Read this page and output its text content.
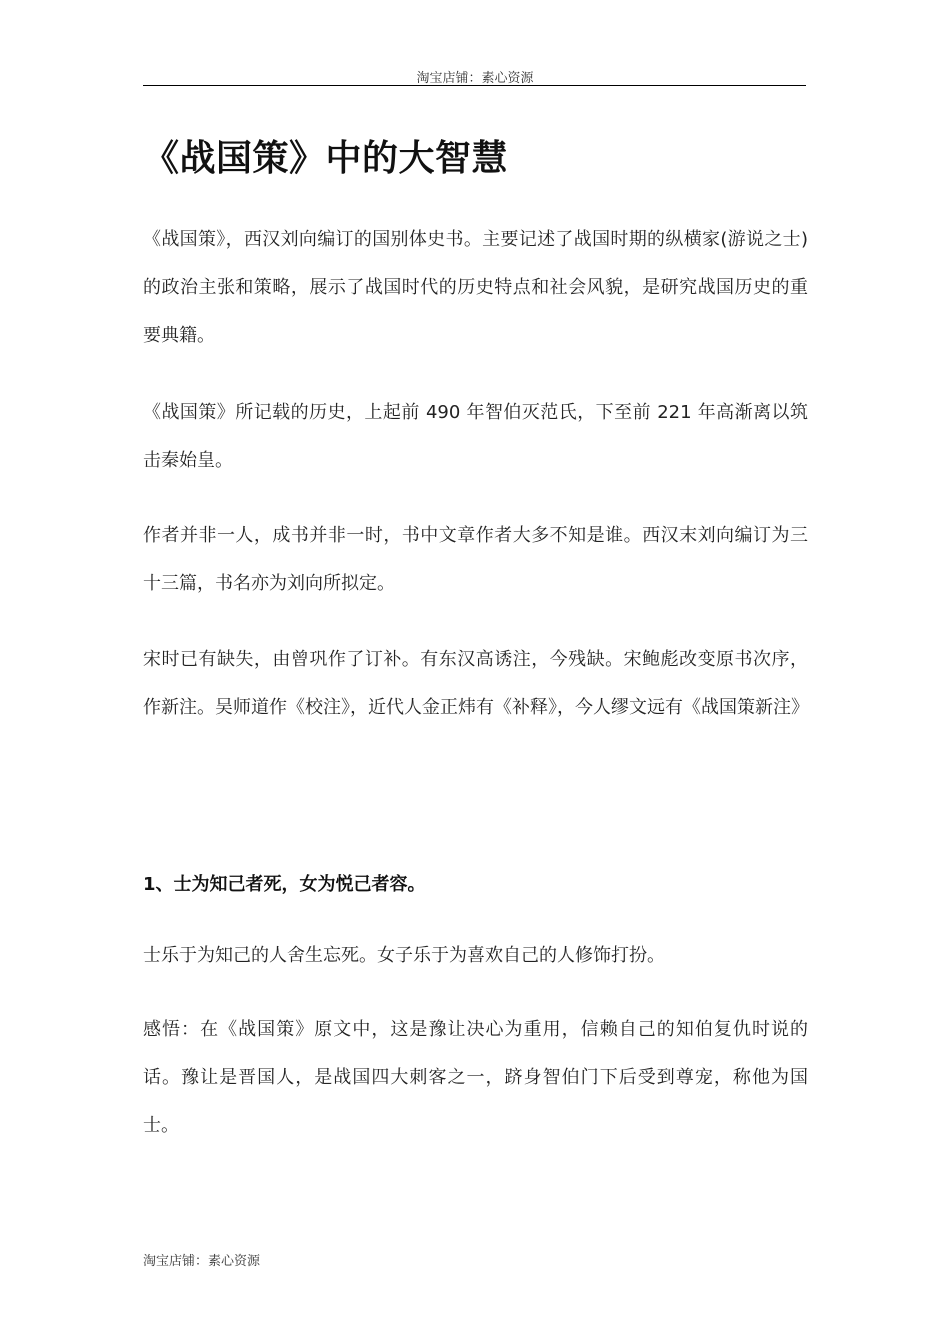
淘宝店铺：素心资源
《战国策》中的大智慧

《战国策》，西汉刘向编订的国别体史书。主要记述了战国时期的纵横家(游说之士)的政治主张和策略，展示了战国时代的历史特点和社会风貌，是研究战国历史的重要典籍。

《战国策》所记载的历史，上起前 490 年智伯灭范氏，下至前 221 年高渐离以筑击秦始皇。

作者并非一人，成书并非一时，书中文章作者大多不知是谁。西汉末刘向编订为三十三篇，书名亦为刘向所拟定。

宋时已有缺失，由曾巩作了订补。有东汉高诱注，今残缺。宋鲍彪改变原书次序，作新注。吴师道作《校注》，近代人金正炜有《补释》，今人缪文远有《战国策新注》

1、士为知己者死，女为悦己者容。

士乐于为知己的人舍生忘死。女子乐于为喜欢自己的人修饰打扮。

感悟：在《战国策》原文中，这是豫让决心为重用，信赖自己的知伯复仇时说的话。豫让是晋国人，是战国四大刺客之一，跻身智伯门下后受到尊宠，称他为国士。

淘宝店铺：素心资源
